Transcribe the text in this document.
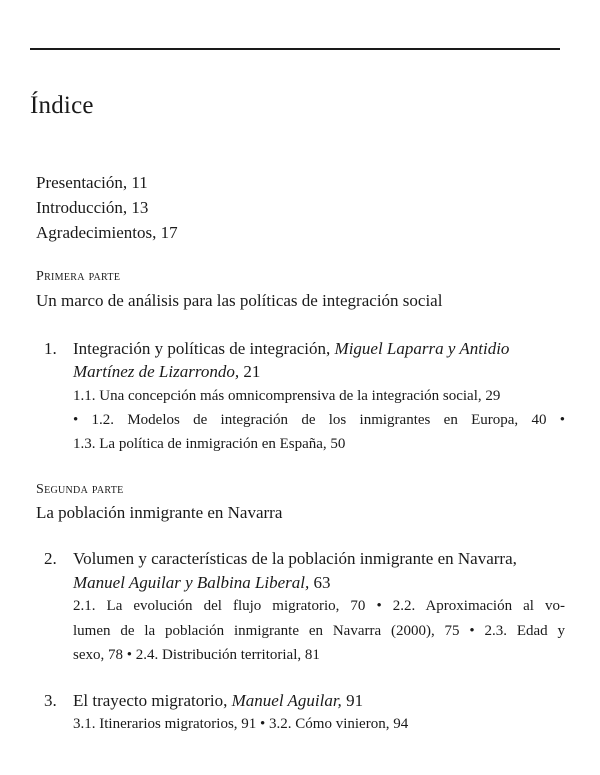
Índice
Presentación, 11
Introducción, 13
Agradecimientos, 17
Primera parte
Un marco de análisis para las políticas de integración social
1. Integración y políticas de integración, Miguel Laparra y Antidio
Martínez de Lizarrondo, 21
1.1. Una concepción más omnicomprensiva de la integración social, 29
• 1.2. Modelos de integración de los inmigrantes en Europa, 40 •
1.3. La política de inmigración en España, 50
Segunda parte
La población inmigrante en Navarra
2. Volumen y características de la población inmigrante en Navarra,
Manuel Aguilar y Balbina Liberal, 63
2.1. La evolución del flujo migratorio, 70 • 2.2. Aproximación al vo-
lumen de la población inmigrante en Navarra (2000), 75 • 2.3. Edad y
sexo, 78 • 2.4. Distribución territorial, 81
3. El trayecto migratorio, Manuel Aguilar, 91
3.1. Itinerarios migratorios, 91 • 3.2. Cómo vinieron, 94
